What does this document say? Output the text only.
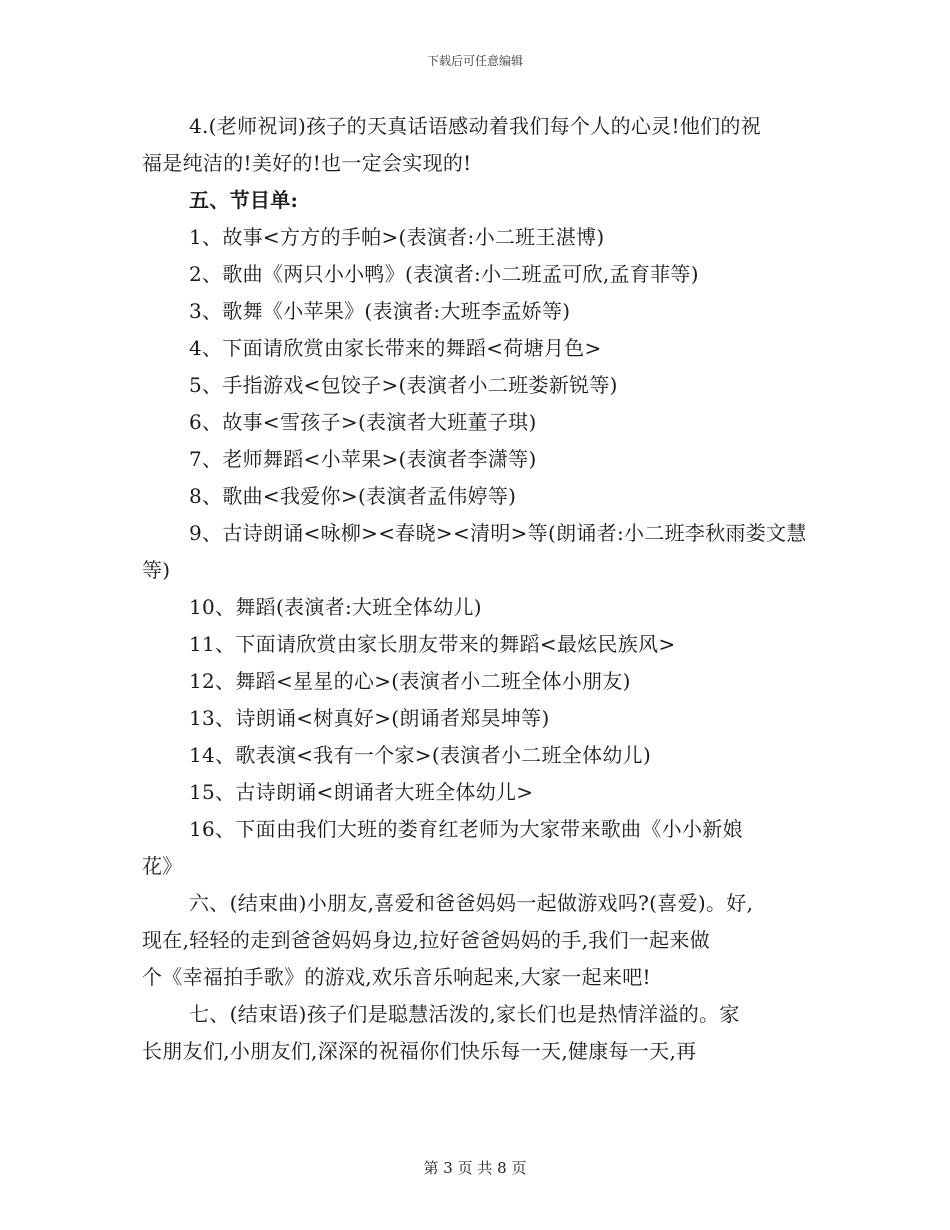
下载后可任意编辑
4.(老师祝词)孩子的天真话语感动着我们每个人的心灵!他们的祝
福是纯洁的!美好的!也一定会实现的!
五、节目单:
1、故事<方方的手帕>(表演者:小二班王湛博)
2、歌曲《两只小小鸭》(表演者:小二班孟可欣,孟育菲等)
3、歌舞《小苹果》(表演者:大班李孟娇等)
4、下面请欣赏由家长带来的舞蹈<荷塘月色>
5、手指游戏<包饺子>(表演者小二班娄新锐等)
6、故事<雪孩子>(表演者大班董子琪)
7、老师舞蹈<小苹果>(表演者李潇等)
8、歌曲<我爱你>(表演者孟伟婷等)
9、古诗朗诵<咏柳><春晓><清明>等(朗诵者:小二班李秋雨娄文慧
等)
10、舞蹈(表演者:大班全体幼儿)
11、下面请欣赏由家长朋友带来的舞蹈<最炫民族风>
12、舞蹈<星星的心>(表演者小二班全体小朋友)
13、诗朗诵<树真好>(朗诵者郑昊坤等)
14、歌表演<我有一个家>(表演者小二班全体幼儿)
15、古诗朗诵<朗诵者大班全体幼儿>
16、下面由我们大班的娄育红老师为大家带来歌曲《小小新娘
花》
六、(结束曲)小朋友,喜爱和爸爸妈妈一起做游戏吗?(喜爱)。好,
现在,轻轻的走到爸爸妈妈身边,拉好爸爸妈妈的手,我们一起来做
个《幸福拍手歌》的游戏,欢乐音乐响起来,大家一起来吧!
七、(结束语)孩子们是聪慧活泼的,家长们也是热情洋溢的。家
长朋友们,小朋友们,深深的祝福你们快乐每一天,健康每一天,再
第 3 页 共 8 页
